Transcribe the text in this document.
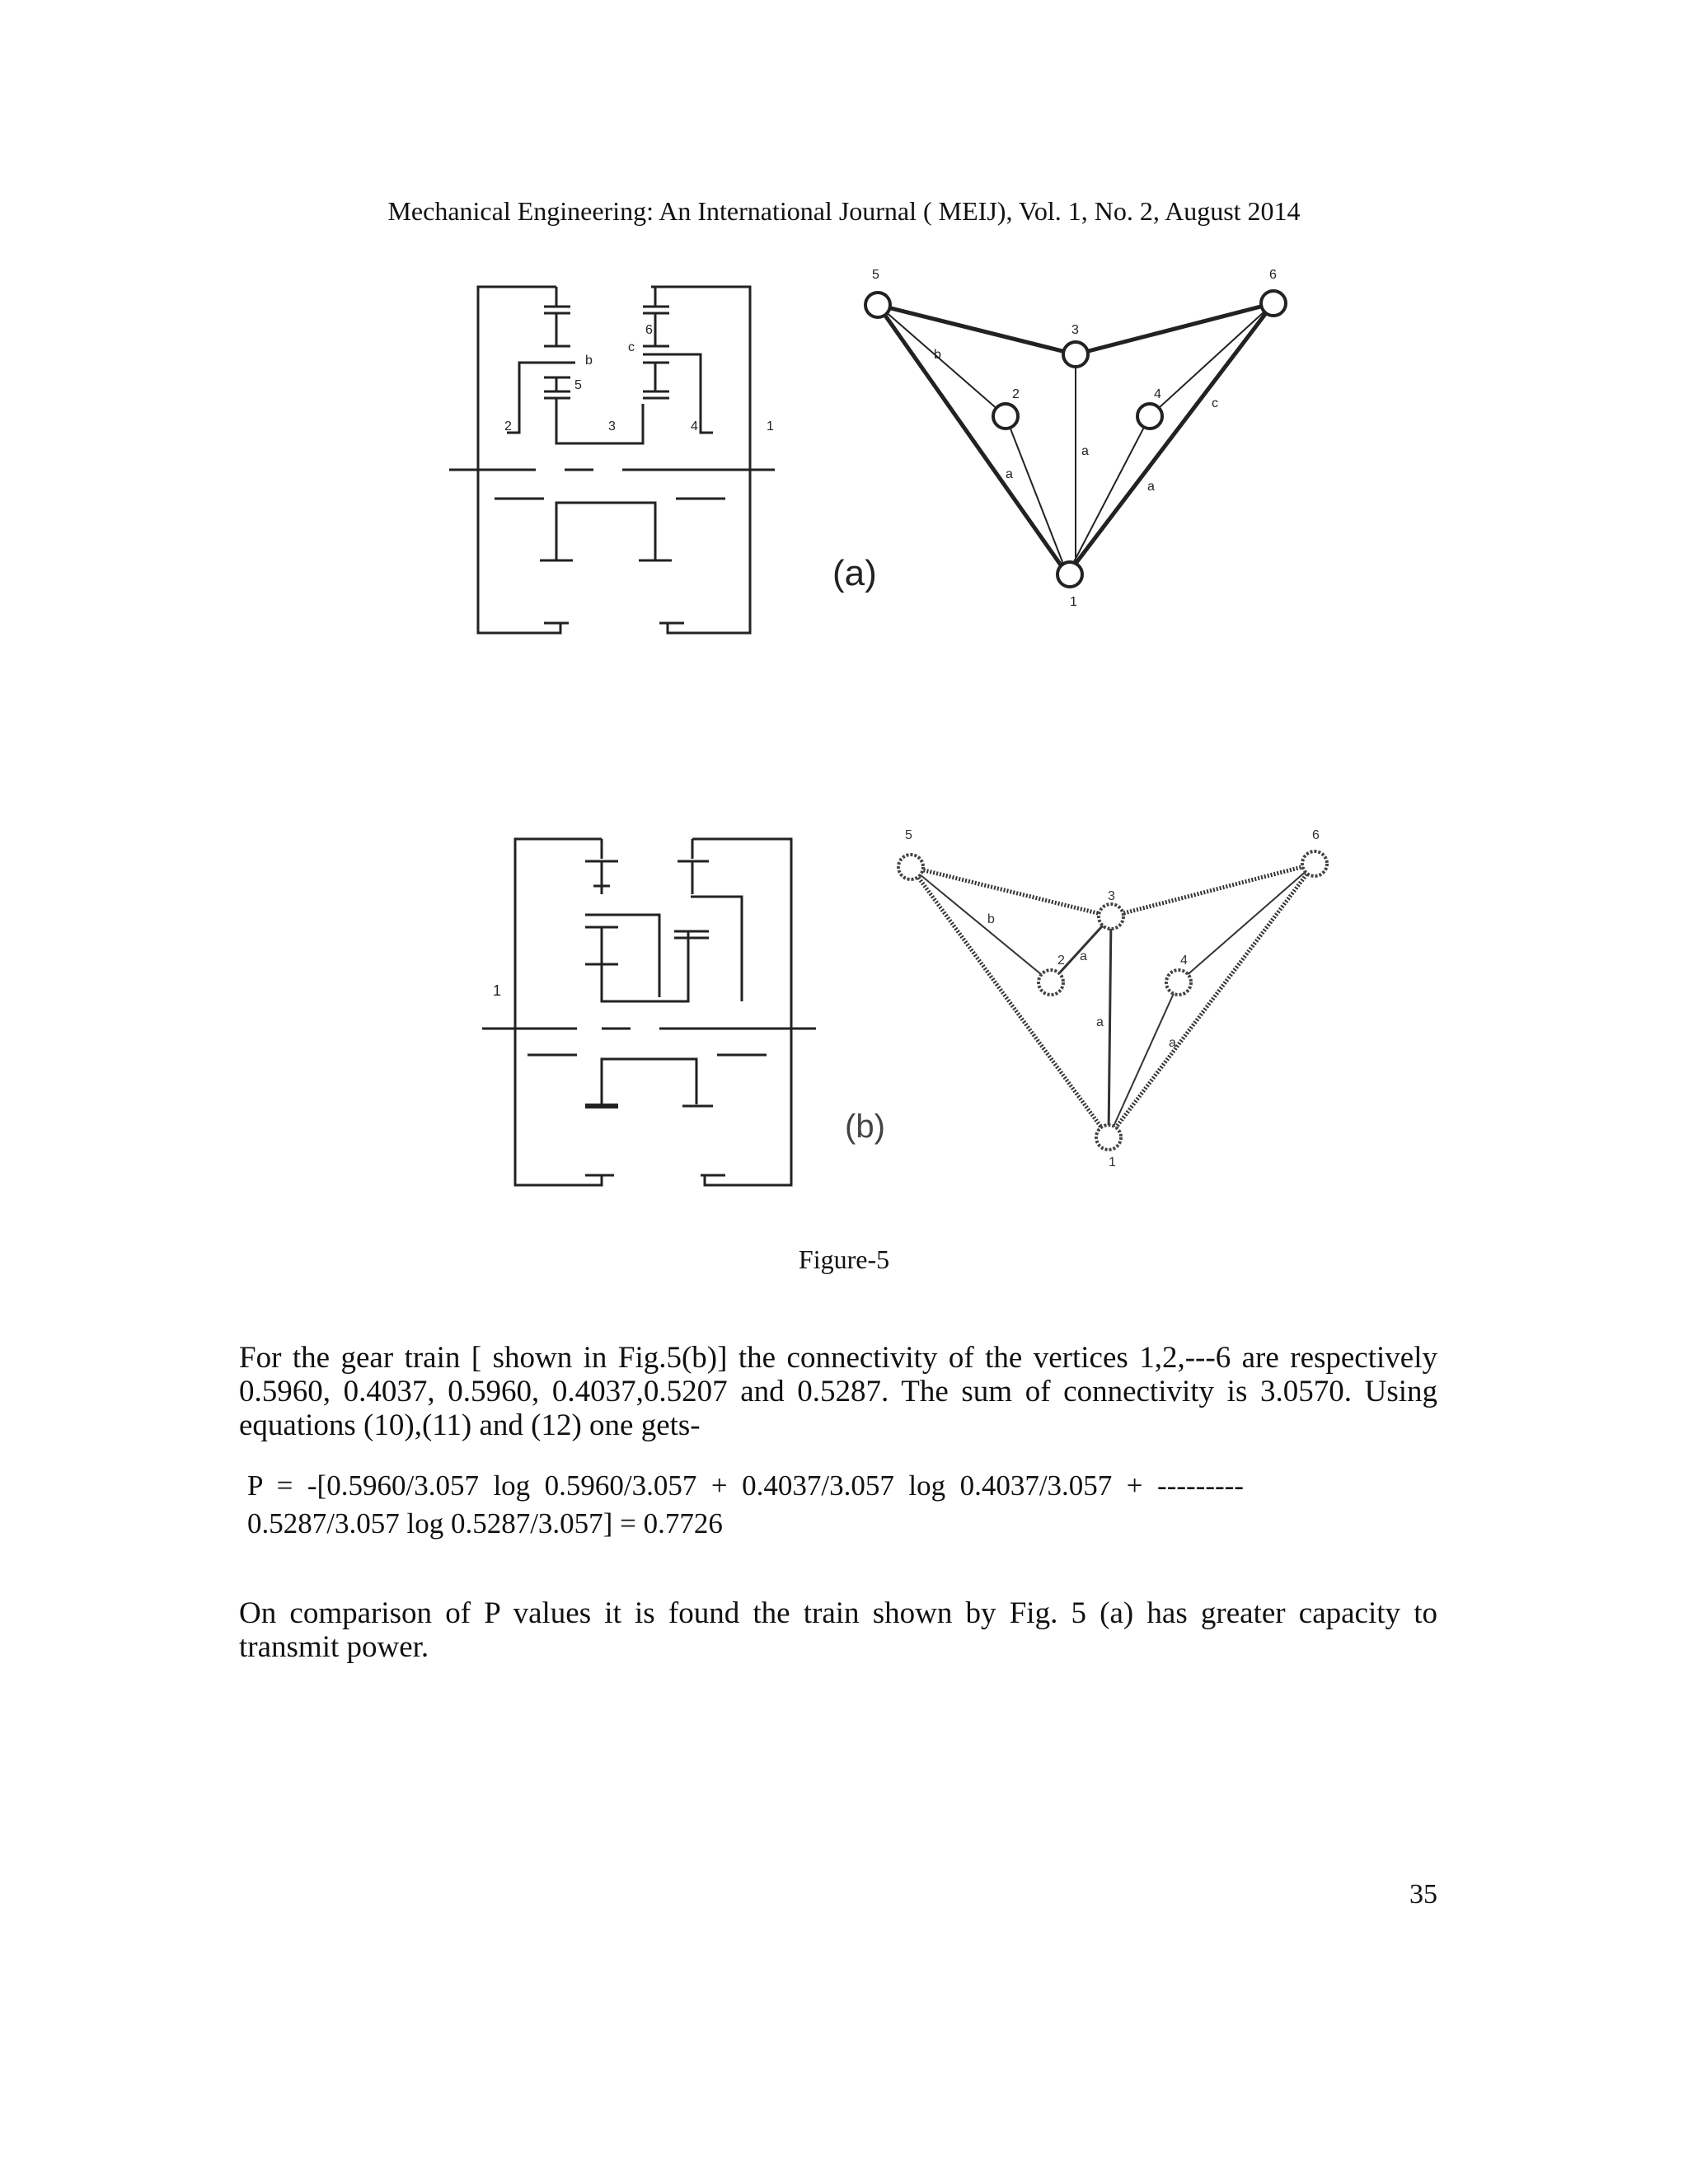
Mechanical Engineering: An International Journal ( MEIJ), Vol. 1, No. 2, August 2014
2	3	4
5
6
1
b
c
(a)
1
2
3
4
5	6
b
a
a
a
c
1
(b)
1
2
3
4
5	6
b
a
a
a
Figure-5

For the gear train [ shown in Fig.5(b)] the connectivity of the vertices 1,2,---6 are respectively 0.5960, 0.4037, 0.5960, 0.4037,0.5207 and 0.5287. The sum of connectivity is 3.0570. Using equations (10),(11) and (12) one gets-

P  =  -[0.5960/3.057  log  0.5960/3.057  +  0.4037/3.057  log  0.4037/3.057  +  ---------
0.5287/3.057 log 0.5287/3.057] = 0.7726

On comparison of P values it is found the train shown by Fig. 5 (a) has greater capacity to transmit power.

35
